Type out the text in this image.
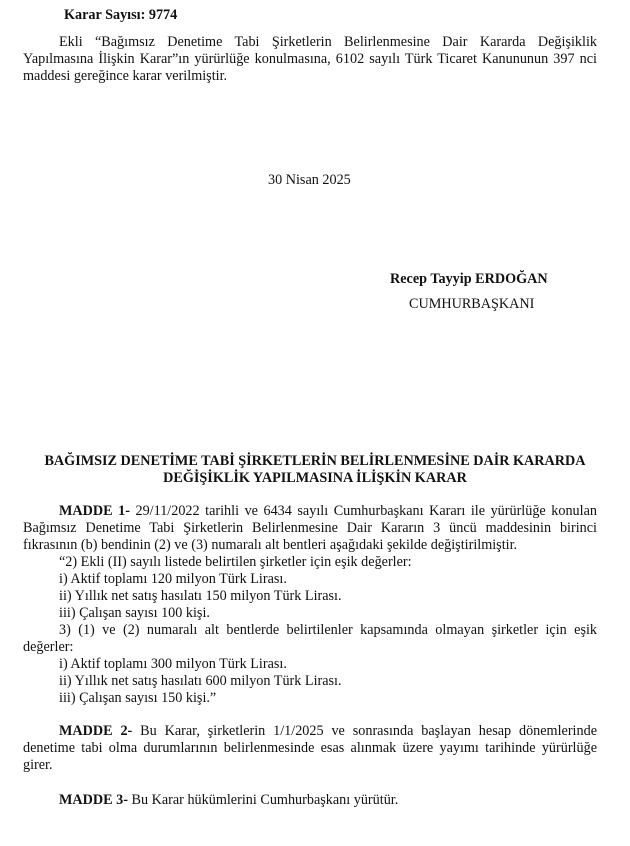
Karar Sayısı: 9774
Ekli “Bağımsız Denetime Tabi Şirketlerin Belirlenmesine Dair Kararda Değişiklik Yapılmasına İlişkin Karar”ın yürürlüğe konulmasına, 6102 sayılı Türk Ticaret Kanununun 397 nci maddesi gereğince karar verilmiştir.
30 Nisan 2025
Recep Tayyip ERDOĞAN
CUMHURBAŞKANI
BAĞIMSIZ DENETİME TABİ ŞİRKETLERİN BELİRLENMESİNE DAİR KARARDA
DEĞİŞİKLİK YAPILMASINA İLİŞKİN KARAR
MADDE 1- 29/11/2022 tarihli ve 6434 sayılı Cumhurbaşkanı Kararı ile yürürlüğe konulan Bağımsız Denetime Tabi Şirketlerin Belirlenmesine Dair Kararın 3 üncü maddesinin birinci fıkrasının (b) bendinin (2) ve (3) numaralı alt bentleri aşağıdaki şekilde değiştirilmiştir.
“2) Ekli (II) sayılı listede belirtilen şirketler için eşik değerler:
i) Aktif toplamı 120 milyon Türk Lirası.
ii) Yıllık net satış hasılatı 150 milyon Türk Lirası.
iii) Çalışan sayısı 100 kişi.
3) (1) ve (2) numaralı alt bentlerde belirtilenler kapsamında olmayan şirketler için eşik değerler:
i) Aktif toplamı 300 milyon Türk Lirası.
ii) Yıllık net satış hasılatı 600 milyon Türk Lirası.
iii) Çalışan sayısı 150 kişi.”
MADDE 2- Bu Karar, şirketlerin 1/1/2025 ve sonrasında başlayan hesap dönemlerinde denetime tabi olma durumlarının belirlenmesinde esas alınmak üzere yayımı tarihinde yürürlüğe girer.
MADDE 3- Bu Karar hükümlerini Cumhurbaşkanı yürütür.
